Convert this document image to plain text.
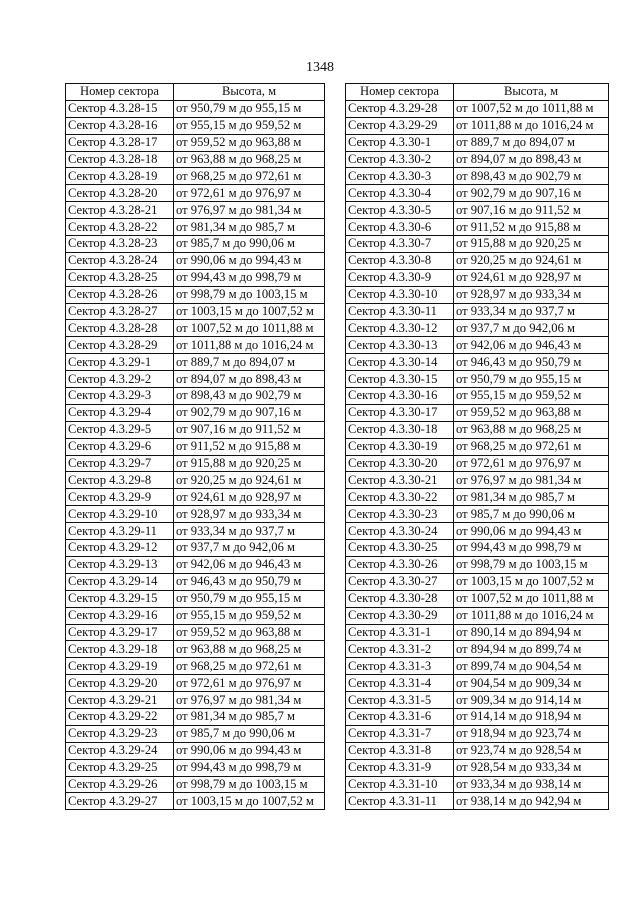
1348
Номер сектора	Высота, м
Сектор 4.3.28-15	от 950,79 м до 955,15 м
Сектор 4.3.28-16	от 955,15 м до 959,52 м
Сектор 4.3.28-17	от 959,52 м до 963,88 м
Сектор 4.3.28-18	от 963,88 м до 968,25 м
Сектор 4.3.28-19	от 968,25 м до 972,61 м
Сектор 4.3.28-20	от 972,61 м до 976,97 м
Сектор 4.3.28-21	от 976,97 м до 981,34 м
Сектор 4.3.28-22	от 981,34 м до 985,7 м
Сектор 4.3.28-23	от 985,7 м до 990,06 м
Сектор 4.3.28-24	от 990,06 м до 994,43 м
Сектор 4.3.28-25	от 994,43 м до 998,79 м
Сектор 4.3.28-26	от 998,79 м до 1003,15 м
Сектор 4.3.28-27	от 1003,15 м до 1007,52 м
Сектор 4.3.28-28	от 1007,52 м до 1011,88 м
Сектор 4.3.28-29	от 1011,88 м до 1016,24 м
Сектор 4.3.29-1	от 889,7 м до 894,07 м
Сектор 4.3.29-2	от 894,07 м до 898,43 м
Сектор 4.3.29-3	от 898,43 м до 902,79 м
Сектор 4.3.29-4	от 902,79 м до 907,16 м
Сектор 4.3.29-5	от 907,16 м до 911,52 м
Сектор 4.3.29-6	от 911,52 м до 915,88 м
Сектор 4.3.29-7	от 915,88 м до 920,25 м
Сектор 4.3.29-8	от 920,25 м до 924,61 м
Сектор 4.3.29-9	от 924,61 м до 928,97 м
Сектор 4.3.29-10	от 928,97 м до 933,34 м
Сектор 4.3.29-11	от 933,34 м до 937,7 м
Сектор 4.3.29-12	от 937,7 м до 942,06 м
Сектор 4.3.29-13	от 942,06 м до 946,43 м
Сектор 4.3.29-14	от 946,43 м до 950,79 м
Сектор 4.3.29-15	от 950,79 м до 955,15 м
Сектор 4.3.29-16	от 955,15 м до 959,52 м
Сектор 4.3.29-17	от 959,52 м до 963,88 м
Сектор 4.3.29-18	от 963,88 м до 968,25 м
Сектор 4.3.29-19	от 968,25 м до 972,61 м
Сектор 4.3.29-20	от 972,61 м до 976,97 м
Сектор 4.3.29-21	от 976,97 м до 981,34 м
Сектор 4.3.29-22	от 981,34 м до 985,7 м
Сектор 4.3.29-23	от 985,7 м до 990,06 м
Сектор 4.3.29-24	от 990,06 м до 994,43 м
Сектор 4.3.29-25	от 994,43 м до 998,79 м
Сектор 4.3.29-26	от 998,79 м до 1003,15 м
Сектор 4.3.29-27	от 1003,15 м до 1007,52 м
Номер сектора	Высота, м
Сектор 4.3.29-28	от 1007,52 м до 1011,88 м
Сектор 4.3.29-29	от 1011,88 м до 1016,24 м
Сектор 4.3.30-1	от 889,7 м до 894,07 м
Сектор 4.3.30-2	от 894,07 м до 898,43 м
Сектор 4.3.30-3	от 898,43 м до 902,79 м
Сектор 4.3.30-4	от 902,79 м до 907,16 м
Сектор 4.3.30-5	от 907,16 м до 911,52 м
Сектор 4.3.30-6	от 911,52 м до 915,88 м
Сектор 4.3.30-7	от 915,88 м до 920,25 м
Сектор 4.3.30-8	от 920,25 м до 924,61 м
Сектор 4.3.30-9	от 924,61 м до 928,97 м
Сектор 4.3.30-10	от 928,97 м до 933,34 м
Сектор 4.3.30-11	от 933,34 м до 937,7 м
Сектор 4.3.30-12	от 937,7 м до 942,06 м
Сектор 4.3.30-13	от 942,06 м до 946,43 м
Сектор 4.3.30-14	от 946,43 м до 950,79 м
Сектор 4.3.30-15	от 950,79 м до 955,15 м
Сектор 4.3.30-16	от 955,15 м до 959,52 м
Сектор 4.3.30-17	от 959,52 м до 963,88 м
Сектор 4.3.30-18	от 963,88 м до 968,25 м
Сектор 4.3.30-19	от 968,25 м до 972,61 м
Сектор 4.3.30-20	от 972,61 м до 976,97 м
Сектор 4.3.30-21	от 976,97 м до 981,34 м
Сектор 4.3.30-22	от 981,34 м до 985,7 м
Сектор 4.3.30-23	от 985,7 м до 990,06 м
Сектор 4.3.30-24	от 990,06 м до 994,43 м
Сектор 4.3.30-25	от 994,43 м до 998,79 м
Сектор 4.3.30-26	от 998,79 м до 1003,15 м
Сектор 4.3.30-27	от 1003,15 м до 1007,52 м
Сектор 4.3.30-28	от 1007,52 м до 1011,88 м
Сектор 4.3.30-29	от 1011,88 м до 1016,24 м
Сектор 4.3.31-1	от 890,14 м до 894,94 м
Сектор 4.3.31-2	от 894,94 м до 899,74 м
Сектор 4.3.31-3	от 899,74 м до 904,54 м
Сектор 4.3.31-4	от 904,54 м до 909,34 м
Сектор 4.3.31-5	от 909,34 м до 914,14 м
Сектор 4.3.31-6	от 914,14 м до 918,94 м
Сектор 4.3.31-7	от 918,94 м до 923,74 м
Сектор 4.3.31-8	от 923,74 м до 928,54 м
Сектор 4.3.31-9	от 928,54 м до 933,34 м
Сектор 4.3.31-10	от 933,34 м до 938,14 м
Сектор 4.3.31-11	от 938,14 м до 942,94 м
